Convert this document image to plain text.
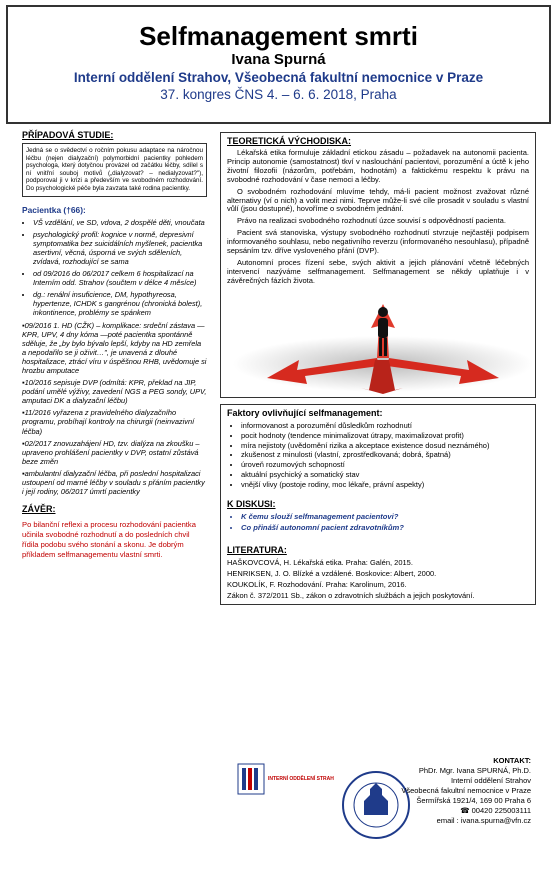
Selfmanagement smrti
Ivana Spurná
Interní oddělení Strahov, Všeobecná fakultní nemocnice v Praze
37. kongres ČNS 4. – 6. 6. 2018, Praha
PŘÍPADOVÁ STUDIE:
Jedná se o svědectví o ročním pokusu adaptace na náročnou léčbu (nejen dialyzační) polymorbidní pacientky pohledem psychologa, který dotyčnou provázel od začátku léčby, sdílel s ní vnitřní souboj motivů („dialyzovat? – nedialyzovat?"), podporoval ji v krizi a především ve svobodném rozhodování. Do psychologické péče byla zavzata také rodina pacientky.
Pacientka (†66):
• VŠ vzdělání, ve SD, vdova, 2 dospělé děti, vnoučata
• psychologický profil: kognice v normě, depresivní symptomatika bez suicidálních myšlenek, pacientka asertivní, věcná, úsporná ve svých sděleních, zvídavá, rozhodující se sama
• od 09/2016 do 06/2017 celkem 6 hospitalizací na Interním odd. Strahov (součtem v délce 4 měsíce)
• dg.: renální insuficience, DM, hypothyreosa, hypertenze, ICHDK s gangrénou (chronická bolest), inkontinence, problémy se spánkem

▪09/2016 1. HD (CŽK) – komplikace: srdeční zástava —KPR, UPV, 4 dny kóma —poté pacientka spontánně sděluje, že „by bylo bývalo lepší, kdyby na HD zemřela a nepodařilo se ji oživit…", je unavená z dlouhé hospitalizace, ztrácí víru v úspěšnou RHB, uvědomuje si hrozbu amputace

▪10/2016 sepisuje DVP (odmítá: KPR, překlad na JIP, podání umělé výživy, zavedení NGS a PEG sondy, UPV, amputaci DK a dialyzační léčbu)

▪11/2016 vyřazena z pravidelného dialyzačního programu, probíhají kontroly na chirurgii (neinvazivní léčba)

▪02/2017 znovuzahájení HD, tzv. dialýza na zkoušku – upraveno prohlášení pacientky v DVP, ostatní zůstává beze změn

▪ambulantní dialyzační léčba, při poslední hospitalizaci ustoupení od marné léčby v souladu s přáním pacientky i její rodiny, 06/2017 úmrtí pacientky

ZÁVĚR:
Po bilanční reflexi a procesu rozhodování pacientka učinila svobodné rozhodnutí a do posledních chvil řídila podobu svého stonání a skonu. Je dobrým příkladem selfmanagementu vlastní smrti.
TEORETICKÁ VÝCHODISKA:

Lékařská etika formuluje základní etickou zásadu – požadavek na autonomii pacienta. Princip autonomie (samostatnost) tkví v naslouchání pacientovi, porozumění a úctě k jeho životní filozofii (názorům, potřebám, hodnotám) a faktickému respektu k právu na svobodné rozhodování v čase nemoci a léčby.

O svobodném rozhodování mluvíme tehdy, má-li pacient možnost zvažovat různé alternativy (ví o nich) a volit mezi nimi. Teprve může-li své cíle prosadit v souladu s vlastní vůlí (jsou dostupné), hovoříme o svobodném jednání.

Právo na realizaci svobodného rozhodnutí úzce souvisí s odpovědností pacienta.

Pacient svá stanoviska, výstupy svobodného rozhodnutí stvrzuje nejčastěji podpisem informovaného souhlasu, nebo negativního reverzu (informovaného nesouhlasu), případně sepsáním tzv. dříve vysloveného přání (DVP).

Autonomní proces řízení sebe, svých aktivit a jejich plánování včetně léčebných intervencí nazýváme selfmanagement. Selfmanagement se někdy uplatňuje i v závěrečných fázích života.

Faktory ovlivňující selfmanagement:
• informovanost a porozumění důsledkům rozhodnutí
• pocit hodnoty (tendence minimalizovat útrapy, maximalizovat profit)
• míra nejistoty (uvědomění rizika a akceptace existence dosud neznámého)
• zkušenost z minulosti (vlastní, zprostředkovaná; dobrá, špatná)
• úroveň rozumových schopností
• aktuální psychický a somatický stav
• vnější vlivy (postoje rodiny, moc lékaře, právní aspekty)
K DISKUSI:
• K čemu slouží selfmanagement pacientovi?
• Co přináší autonomní pacient zdravotníkům?
LITERATURA:
HAŠKOVCOVÁ, H. Lékařská etika. Praha: Galén, 2015.
HENRIKSEN, J. O. Blízké a vzdálené. Boskovice: Albert, 2000.
KOUKOLÍK, F. Rozhodování. Praha: Karolinum, 2016.
Zákon č. 372/2011 Sb., zákon o zdravotních službách a jejich poskytování.
INTERNÍ ODDĚLENÍ STRAHOV
KONTAKT:
PhDr. Mgr. Ivana SPURNÁ, Ph.D.
Interní oddělení Strahov
Všeobecná fakultní nemocnice v Praze
Šermířská 1921/4, 169 00 Praha 6
☎ 00420 225003111
email : ivana.spurna@vfn.cz
